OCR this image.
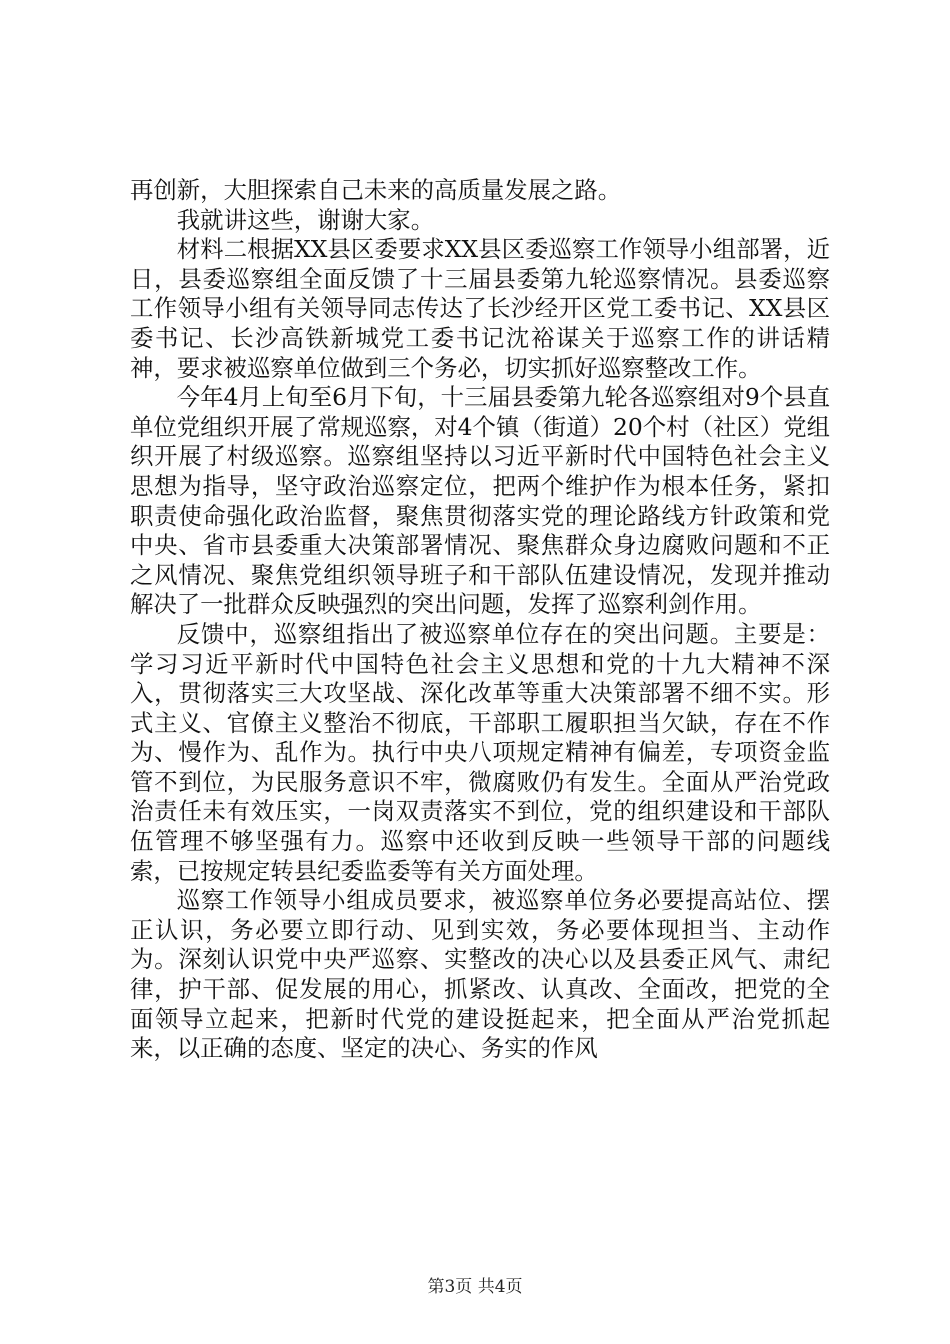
再创新，大胆探索自己未来的高质量发展之路。

我就讲这些，谢谢大家。

材料二根据XX县区委要求XX县区委巡察工作领导小组部署，近日，县委巡察组全面反馈了十三届县委第九轮巡察情况。县委巡察工作领导小组有关领导同志传达了长沙经开区党工委书记、XX县区委书记、长沙高铁新城党工委书记沈裕谋关于巡察工作的讲话精神，要求被巡察单位做到三个务必，切实抓好巡察整改工作。

今年4月上旬至6月下旬，十三届县委第九轮各巡察组对9个县直单位党组织开展了常规巡察，对4个镇（街道）20个村（社区）党组织开展了村级巡察。巡察组坚持以习近平新时代中国特色社会主义思想为指导，坚守政治巡察定位，把两个维护作为根本任务，紧扣职责使命强化政治监督，聚焦贯彻落实党的理论路线方针政策和党中央、省市县委重大决策部署情况、聚焦群众身边腐败问题和不正之风情况、聚焦党组织领导班子和干部队伍建设情况，发现并推动解决了一批群众反映强烈的突出问题，发挥了巡察利剑作用。

反馈中，巡察组指出了被巡察单位存在的突出问题。主要是：学习习近平新时代中国特色社会主义思想和党的十九大精神不深入，贯彻落实三大攻坚战、深化改革等重大决策部署不细不实。形式主义、官僚主义整治不彻底，干部职工履职担当欠缺，存在不作为、慢作为、乱作为。执行中央八项规定精神有偏差，专项资金监管不到位，为民服务意识不牢，微腐败仍有发生。全面从严治党政治责任未有效压实，一岗双责落实不到位，党的组织建设和干部队伍管理不够坚强有力。巡察中还收到反映一些领导干部的问题线索，已按规定转县纪委监委等有关方面处理。

巡察工作领导小组成员要求，被巡察单位务必要提高站位、摆正认识，务必要立即行动、见到实效，务必要体现担当、主动作为。深刻认识党中央严巡察、实整改的决心以及县委正风气、肃纪律，护干部、促发展的用心，抓紧改、认真改、全面改，把党的全面领导立起来，把新时代党的建设挺起来，把全面从严治党抓起来，以正确的态度、坚定的决心、务实的作风

第3页 共4页
